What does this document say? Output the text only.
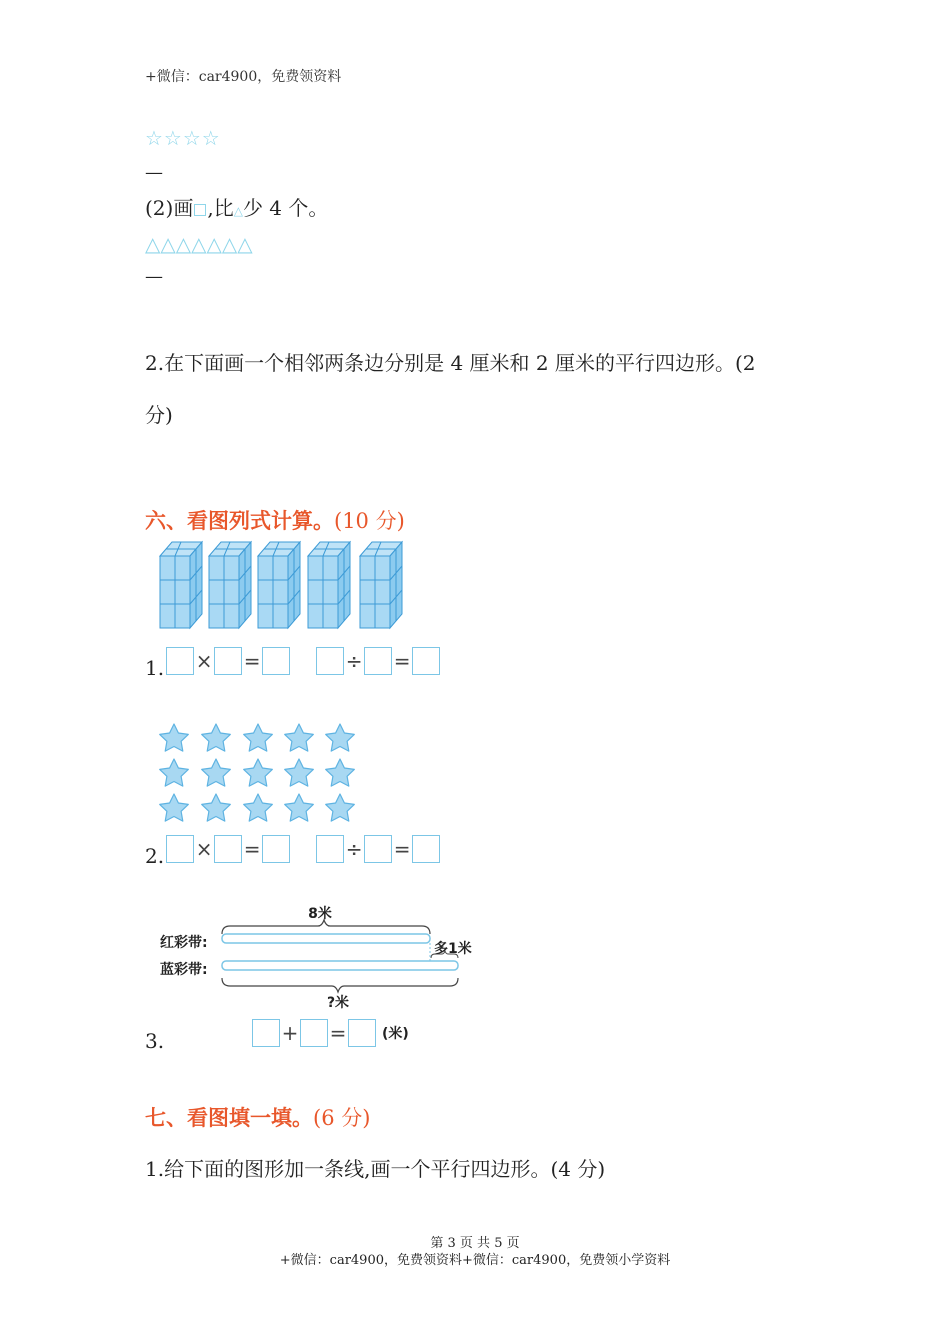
+微信：car4900，免费领资料
☆☆☆☆
—
(2)画 ,比△少 4 个。
△△△△△△△
—
2.在下面画一个相邻两条边分别是 4 厘米和 2 厘米的平行四边形。(2
分)
六、看图列式计算。(10 分)
1. × =	÷ =
2. × =	÷ =
8米
红彩带:
蓝彩带:
多1米
?米
3.	+ =	(米)
七、看图填一填。(6 分)
1.给下面的图形加一条线,画一个平行四边形。(4 分)
第 3 页 共 5 页
+微信：car4900，免费领资料+微信：car4900，免费领小学资料
